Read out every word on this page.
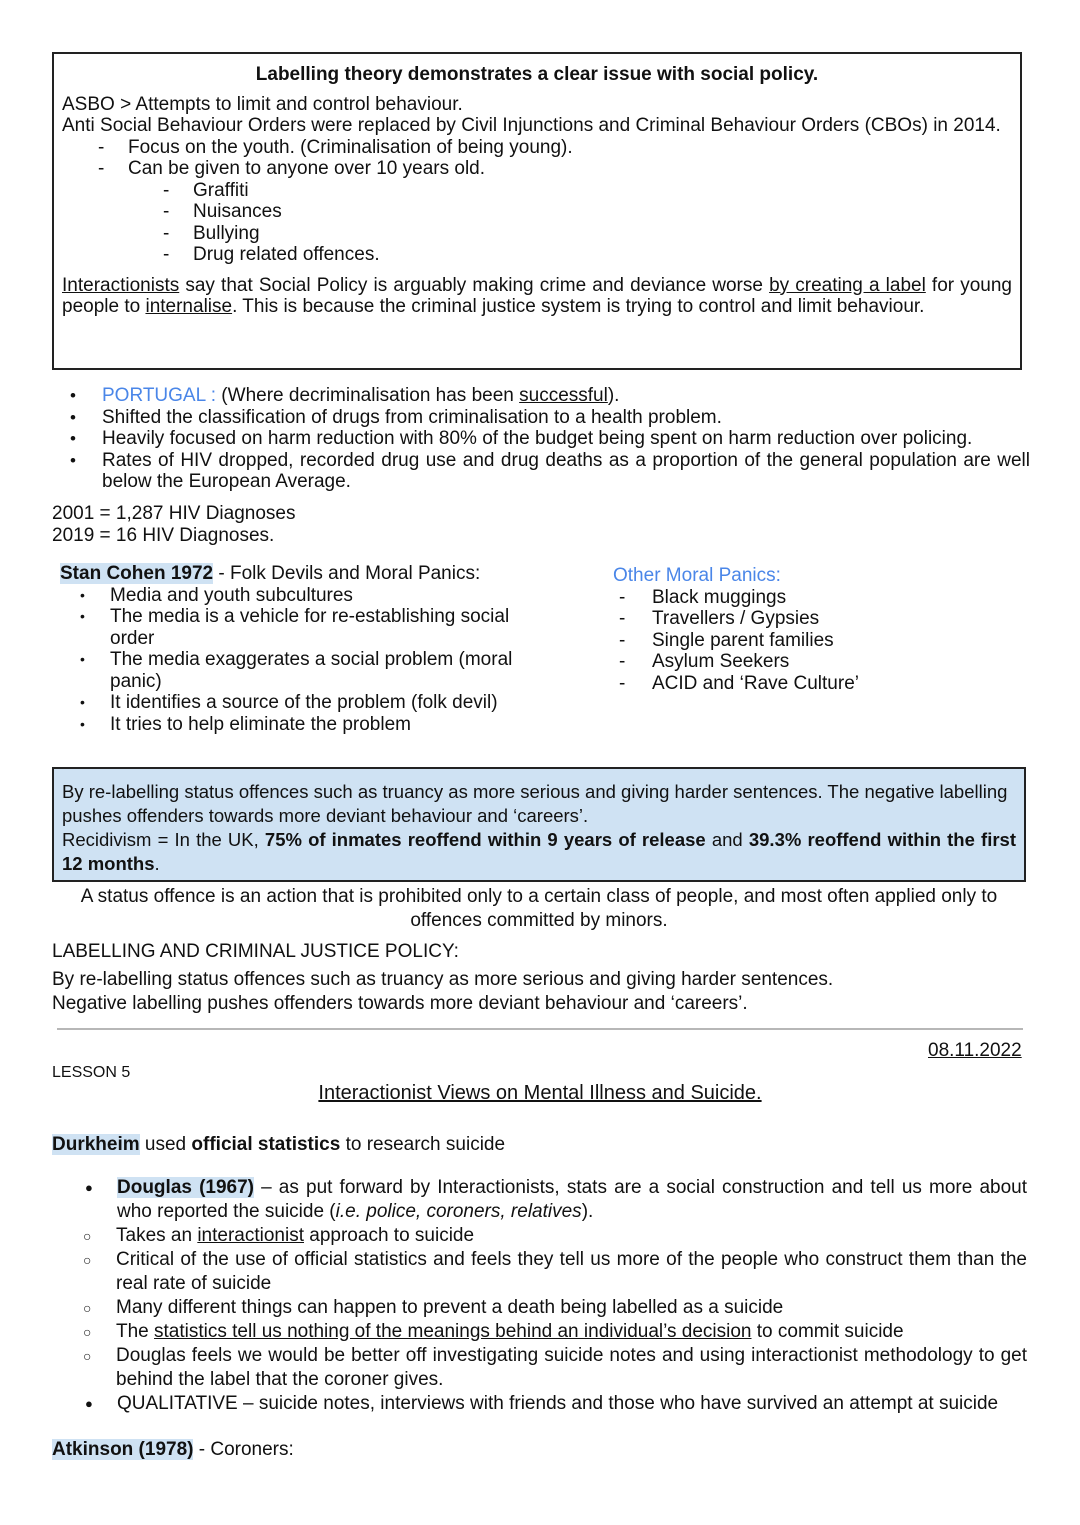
Labelling theory demonstrates a clear issue with social policy.
ASBO > Attempts to limit and control behaviour.
Anti Social Behaviour Orders were replaced by Civil Injunctions and Criminal Behaviour Orders (CBOs) in 2014.
- Focus on the youth. (Criminalisation of being young).
- Can be given to anyone over 10 years old.
- Graffiti
- Nuisances
- Bullying
- Drug related offences.
Interactionists say that Social Policy is arguably making crime and deviance worse by creating a label for young people to internalise. This is because the criminal justice system is trying to control and limit behaviour.
• PORTUGAL : (Where decriminalisation has been successful).
• Shifted the classification of drugs from criminalisation to a health problem.
• Heavily focused on harm reduction with 80% of the budget being spent on harm reduction over policing.
• Rates of HIV dropped, recorded drug use and drug deaths as a proportion of the general population are well below the European Average.
2001 = 1,287 HIV Diagnoses
2019 = 16 HIV Diagnoses.
Stan Cohen 1972 - Folk Devils and Moral Panics:
• Media and youth subcultures
• The media is a vehicle for re-establishing social order
• The media exaggerates a social problem (moral panic)
• It identifies a source of the problem (folk devil)
• It tries to help eliminate the problem
Other Moral Panics:
- Black muggings
- Travellers / Gypsies
- Single parent families
- Asylum Seekers
- ACID and ‘Rave Culture’
By re-labelling status offences such as truancy as more serious and giving harder sentences. The negative labelling pushes offenders towards more deviant behaviour and ‘careers’.
Recidivism = In the UK, 75% of inmates reoffend within 9 years of release and 39.3% reoffend within the first 12 months.
A status offence is an action that is prohibited only to a certain class of people, and most often applied only to offences committed by minors.
LABELLING AND CRIMINAL JUSTICE POLICY:
By re-labelling status offences such as truancy as more serious and giving harder sentences.
Negative labelling pushes offenders towards more deviant behaviour and ‘careers’.
08.11.2022
LESSON 5
Interactionist Views on Mental Illness and Suicide.
Durkheim used official statistics to research suicide
● Douglas (1967) – as put forward by Interactionists, stats are a social construction and tell us more about who reported the suicide (i.e. police, coroners, relatives).
○ Takes an interactionist approach to suicide
○ Critical of the use of official statistics and feels they tell us more of the people who construct them than the real rate of suicide
○ Many different things can happen to prevent a death being labelled as a suicide
○ The statistics tell us nothing of the meanings behind an individual’s decision to commit suicide
○ Douglas feels we would be better off investigating suicide notes and using interactionist methodology to get behind the label that the coroner gives.
● QUALITATIVE – suicide notes, interviews with friends and those who have survived an attempt at suicide
Atkinson (1978) - Coroners:
